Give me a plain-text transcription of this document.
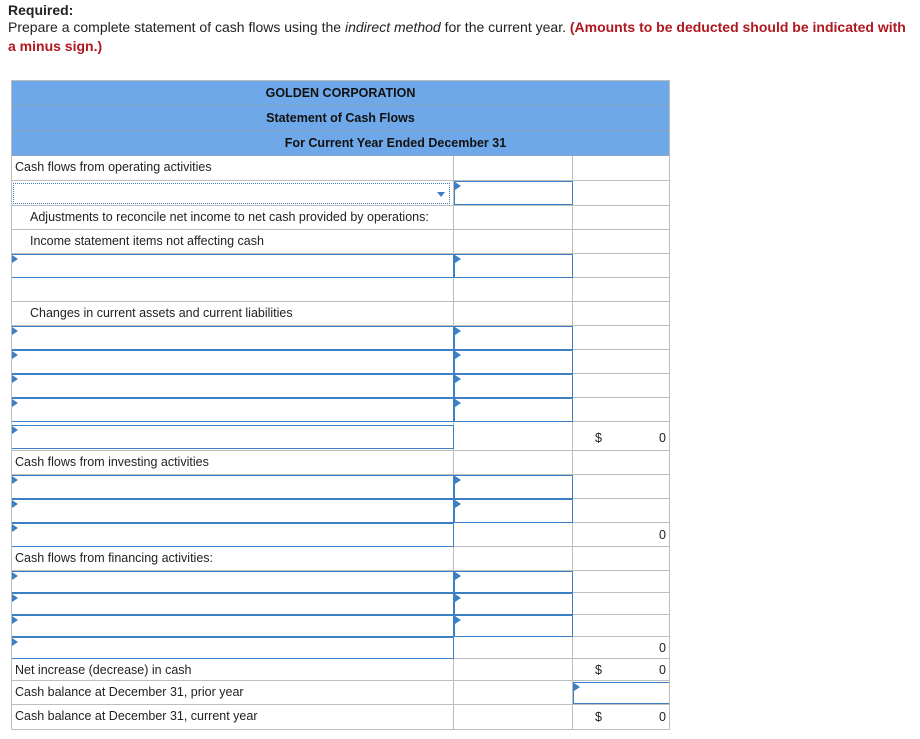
Required:
Prepare a complete statement of cash flows using the indirect method for the current year. (Amounts to be deducted should be indicated with a minus sign.)
GOLDEN CORPORATION
Statement of Cash Flows
For Current Year Ended December 31
Cash flows from operating activities
Adjustments to reconcile net income to net cash provided by operations:
Income statement items not affecting cash
Changes in current assets and current liabilities
$	0
Cash flows from investing activities
0
Cash flows from financing activities:
0
Net increase (decrease) in cash	$	0
Cash balance at December 31, prior year
Cash balance at December 31, current year	$	0
